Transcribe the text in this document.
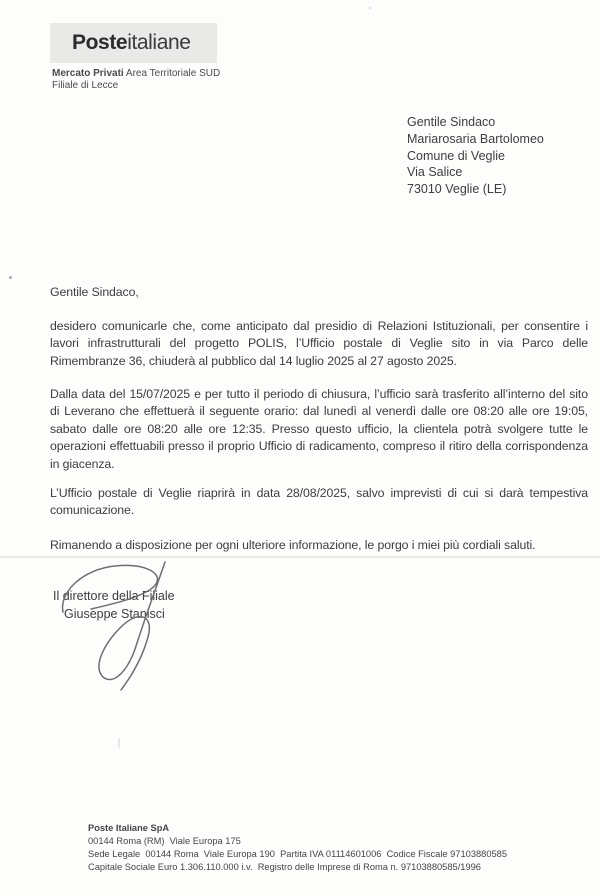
Posteitaliane
Mercato Privati Area Territoriale SUD
Filiale di Lecce
Gentile Sindaco
Mariarosaria Bartolomeo
Comune di Veglie
Via Salice
73010 Veglie (LE)

Gentile Sindaco,

desidero comunicarle che, come anticipato dal presidio di Relazioni Istituzionali, per consentire i lavori infrastrutturali del progetto POLIS, l’Ufficio postale di Veglie sito in via Parco delle Rimembranze 36, chiuderà al pubblico dal 14 luglio 2025 al 27 agosto 2025.

Dalla data del 15/07/2025 e per tutto il periodo di chiusura, l’ufficio sarà trasferito all’interno del sito di Leverano che effettuerà il seguente orario: dal lunedì al venerdì dalle ore 08:20 alle ore 19:05, sabato dalle ore 08:20 alle ore 12:35. Presso questo ufficio, la clientela potrà svolgere tutte le operazioni effettuabili presso il proprio Ufficio di radicamento, compreso il ritiro della corrispondenza in giacenza.

L’Ufficio postale di Veglie riaprirà in data 28/08/2025, salvo imprevisti di cui si darà tempestiva comunicazione.

Rimanendo a disposizione per ogni ulteriore informazione, le porgo i miei più cordiali saluti.

Il direttore della Filiale
Giuseppe Stanisci
Poste Italiane SpA
00144 Roma (RM)  Viale Europa 175
Sede Legale  00144 Roma  Viale Europa 190  Partita IVA 01114601006  Codice Fiscale 97103880585
Capitale Sociale Euro 1.306.110.000 i.v.  Registro delle Imprese di Roma n. 97103880585/1996
